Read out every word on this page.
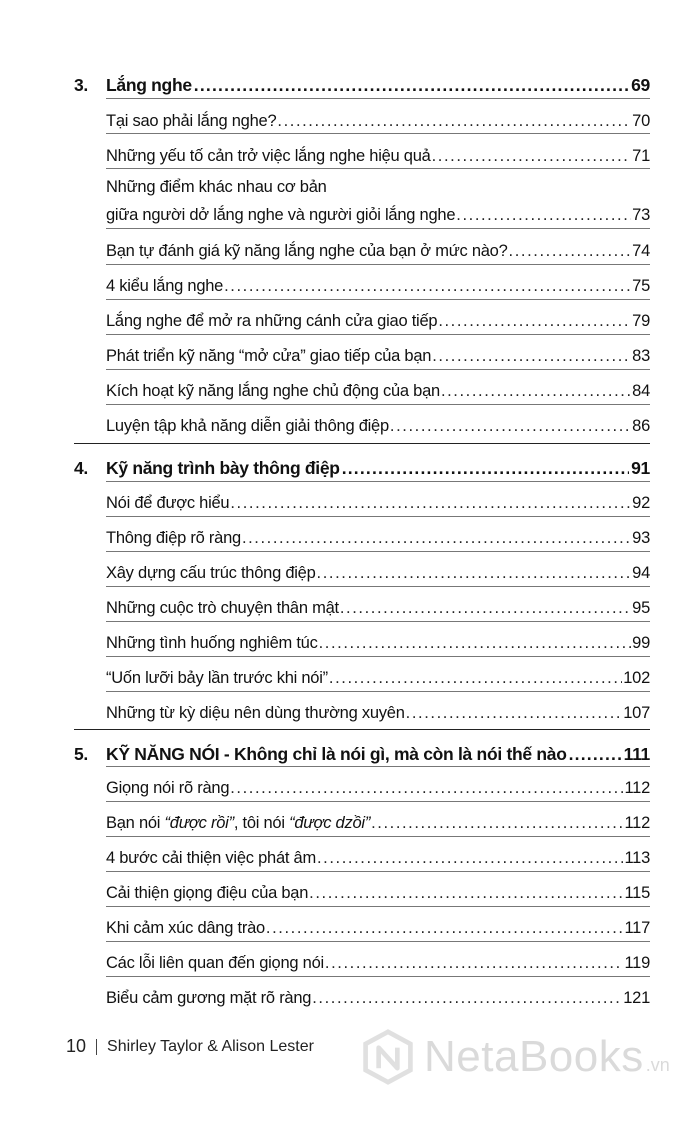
3. Lắng nghe .....	69
Tại sao phải lắng nghe? .....	70
Những yếu tố cản trở việc lắng nghe hiệu quả .....	71
Những điểm khác nhau cơ bản
giữa người dở lắng nghe và người giỏi lắng nghe .....	73
Bạn tự đánh giá kỹ năng lắng nghe của bạn ở mức nào? .....	74
4 kiểu lắng nghe .....	75
Lắng nghe để mở ra những cánh cửa giao tiếp .....	79
Phát triển kỹ năng “mở cửa” giao tiếp của bạn .....	83
Kích hoạt kỹ năng lắng nghe chủ động của bạn .....	84
Luyện tập khả năng diễn giải thông điệp .....	86
4. Kỹ năng trình bày thông điệp .....	91
Nói để được hiểu .....	92
Thông điệp rõ ràng .....	93
Xây dựng cấu trúc thông điệp .....	94
Những cuộc trò chuyện thân mật .....	95
Những tình huống nghiêm túc .....	99
“Uốn lưỡi bảy lần trước khi nói” .....	102
Những từ kỳ diệu nên dùng thường xuyên .....	107
5. KỸ NĂNG NÓI - Không chỉ là nói gì, mà còn là nói thế nào .....	111
Giọng nói rõ ràng .....	112
Bạn nói “được rồi”, tôi nói “được dzồi” .....	112
4 bước cải thiện việc phát âm .....	113
Cải thiện giọng điệu của bạn .....	115
Khi cảm xúc dâng trào .....	117
Các lỗi liên quan đến giọng nói .....	119
Biểu cảm gương mặt rõ ràng .....	121
10 Shirley Taylor & Alison Lester	NetaBooks .vn
